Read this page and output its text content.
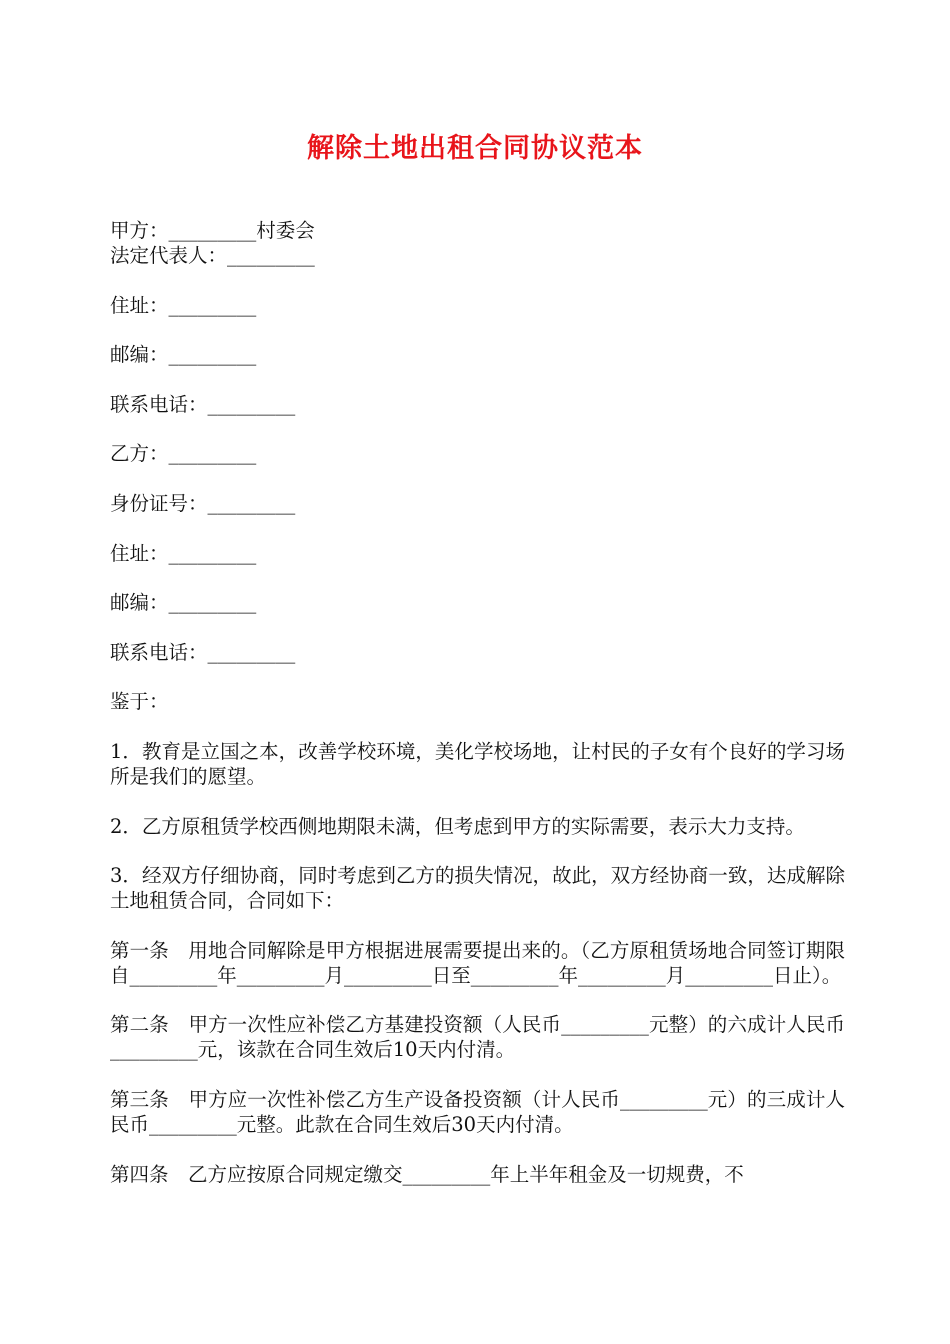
解除土地出租合同协议范本

甲方：_________村委会

法定代表人：_________

住址：_________

邮编：_________

联系电话：_________

乙方：_________

身份证号：_________

住址：_________

邮编：_________

联系电话：_________

鉴于：

1．教育是立国之本，改善学校环境，美化学校场地，让村民的子女有个良好的学习场所是我们的愿望。

2．乙方原租赁学校西侧地期限未满，但考虑到甲方的实际需要，表示大力支持。

3．经双方仔细协商，同时考虑到乙方的损失情况，故此，双方经协商一致，达成解除土地租赁合同，合同如下：

第一条　用地合同解除是甲方根据进展需要提出来的。（乙方原租赁场地合同签订期限自_________年_________月_________日至_________年_________月_________日止）。

第二条　甲方一次性应补偿乙方基建投资额（人民币_________元整）的六成计人民币_________元，该款在合同生效后10天内付清。

第三条　甲方应一次性补偿乙方生产设备投资额（计人民币_________元）的三成计人民币_________元整。此款在合同生效后30天内付清。

第四条　乙方应按原合同规定缴交_________年上半年租金及一切规费，不
